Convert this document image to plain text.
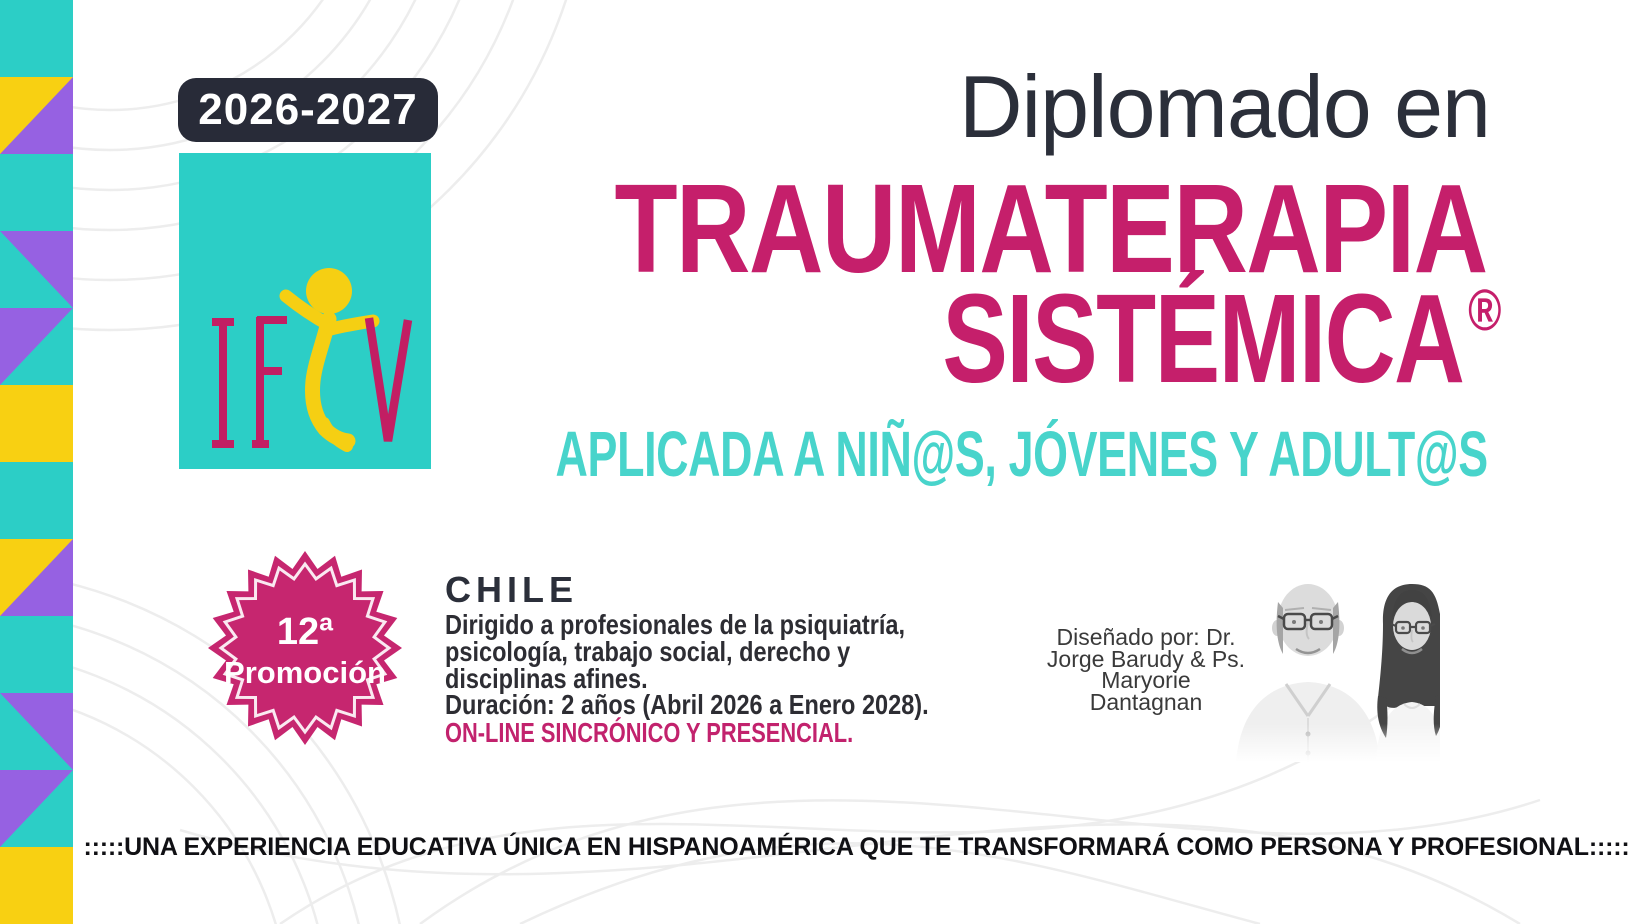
2026-2027	Diplomado en
TRAUMATERAPIA
SISTÉMICA®
APLICADA A NIÑ@S, JÓVENES Y ADULT@S
12ª
Promoción
CHILE
Dirigido a profesionales de la psiquiatría,
psicología, trabajo social, derecho y
disciplinas afines.
Duración: 2 años (Abril 2026 a Enero 2028).
ON-LINE SINCRÓNICO Y PRESENCIAL.
Diseñado por: Dr.
Jorge Barudy & Ps.
Maryorie
Dantagnan
:::::UNA EXPERIENCIA EDUCATIVA ÚNICA EN HISPANOAMÉRICA QUE TE TRANSFORMARÁ COMO PERSONA Y PROFESIONAL:::::
